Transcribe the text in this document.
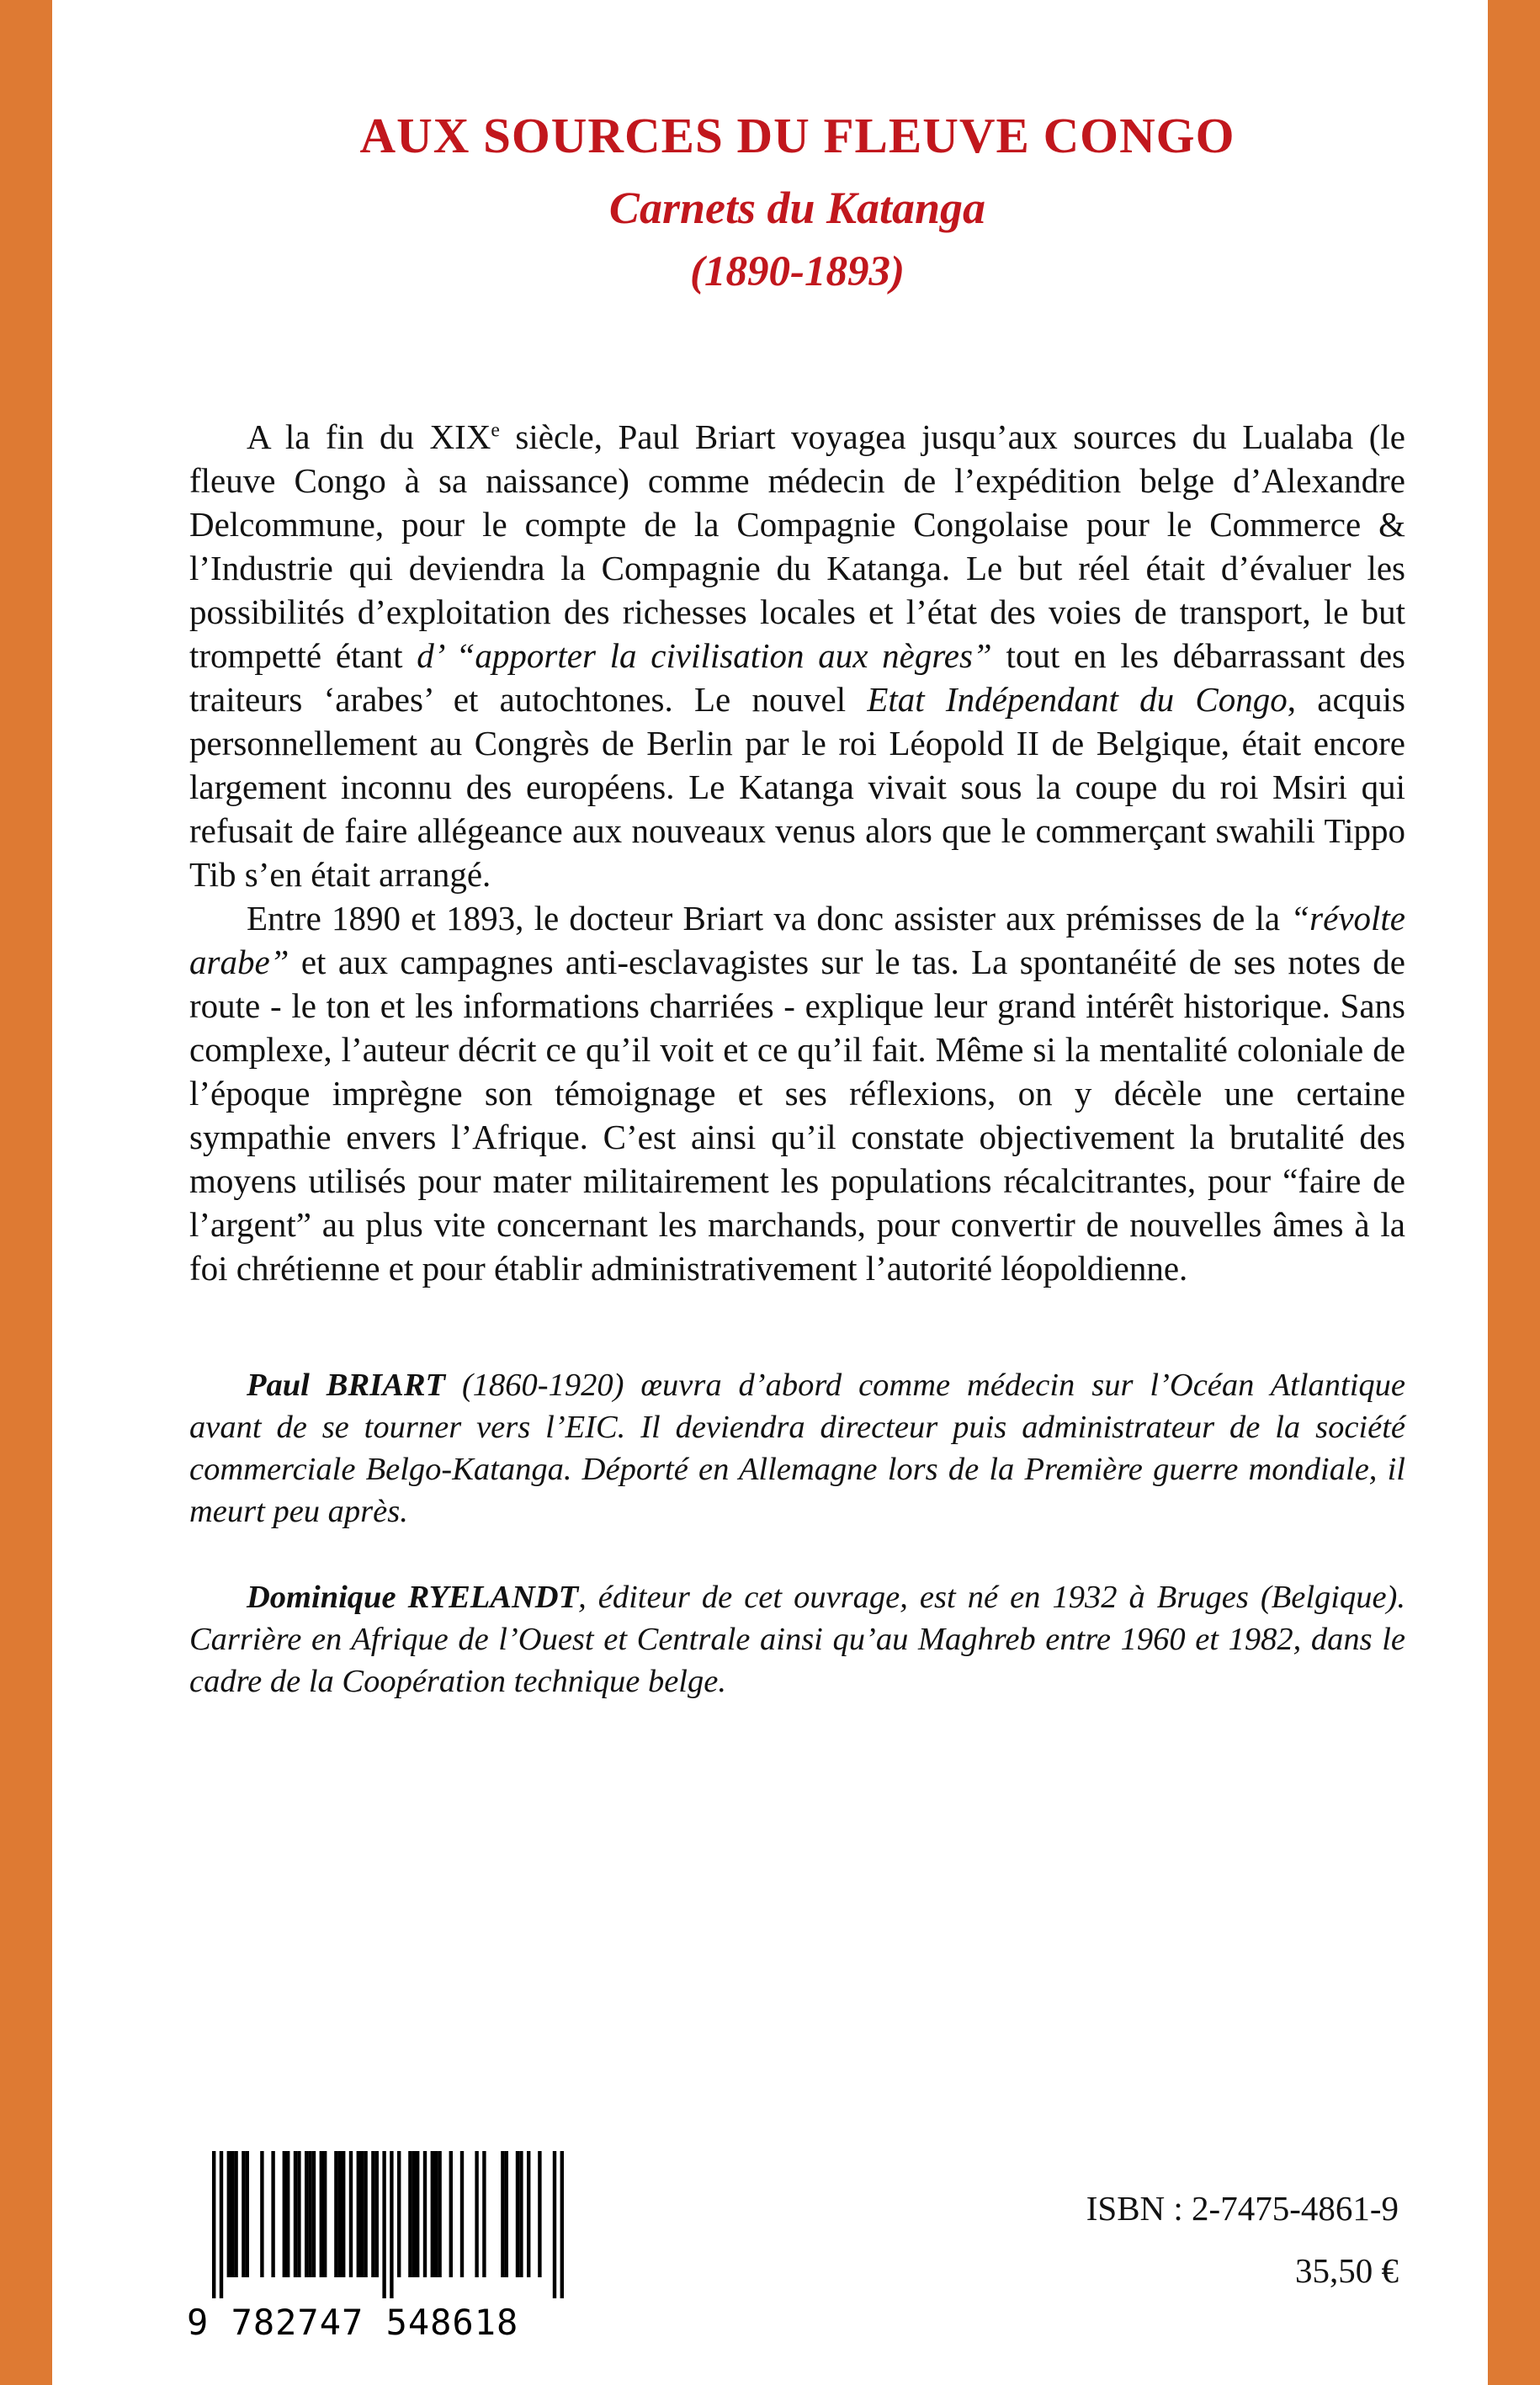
AUX SOURCES DU FLEUVE CONGO
Carnets du Katanga
(1890-1893)

A la fin du XIXe siècle, Paul Briart voyagea jusqu’aux sources du Lualaba (le fleuve Congo à sa naissance) comme médecin de l’expédition belge d’Alexandre Delcommune, pour le compte de la Compagnie Congolaise pour le Commerce & l’Industrie qui deviendra la Compagnie du Katanga. Le but réel était d’évaluer les possibilités d’exploitation des richesses locales et l’état des voies de transport, le but trompetté étant d’ “apporter la civilisation aux nègres” tout en les débarrassant des traiteurs ‘arabes’ et autochtones. Le nouvel Etat Indépendant du Congo, acquis personnellement au Congrès de Berlin par le roi Léopold II de Belgique, était encore largement inconnu des européens. Le Katanga vivait sous la coupe du roi Msiri qui refusait de faire allégeance aux nouveaux venus alors que le commerçant swahili Tippo Tib s’en était arrangé.

Entre 1890 et 1893, le docteur Briart va donc assister aux prémisses de la “révolte arabe” et aux campagnes anti-esclavagistes sur le tas. La spontanéité de ses notes de route - le ton et les informations charriées - explique leur grand intérêt historique. Sans complexe, l’auteur décrit ce qu’il voit et ce qu’il fait. Même si la mentalité coloniale de l’époque imprègne son témoignage et ses réflexions, on y décèle une certaine sympathie envers l’Afrique. C’est ainsi qu’il constate objectivement la brutalité des moyens utilisés pour mater militairement les populations récalcitrantes, pour “faire de l’argent” au plus vite concernant les marchands, pour convertir de nouvelles âmes à la foi chrétienne et pour établir administrativement l’autorité léopoldienne.

Paul BRIART (1860-1920) œuvra d’abord comme médecin sur l’Océan Atlantique avant de se tourner vers l’EIC. Il deviendra directeur puis administrateur de la société commerciale Belgo-Katanga. Déporté en Allemagne lors de la Première guerre mondiale, il meurt peu après.

Dominique RYELANDT, éditeur de cet ouvrage, est né en 1932 à Bruges (Belgique). Carrière en Afrique de l’Ouest et Centrale ainsi qu’au Maghreb entre 1960 et 1982, dans le cadre de la Coopération technique belge.

9 782747 548618

ISBN : 2-7475-4861-9

35,50 €
